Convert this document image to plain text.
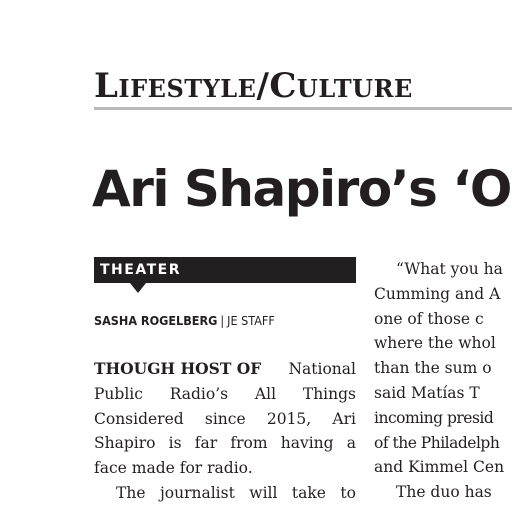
Lifestyle/Culture
Ari Shapiro’s ‘O
THEATER
SASHA ROGELBERG | JE STAFF
THOUGH HOST OF National
Public Radio’s All Things
Considered since 2015, Ari
Shapiro is far from having a
face made for radio.
The journalist will take to
“What you ha
Cumming and A
one of those c
where the whol
than the sum o
said Matías T
incoming presid
of the Philadelph
and Kimmel Cen
The duo has
